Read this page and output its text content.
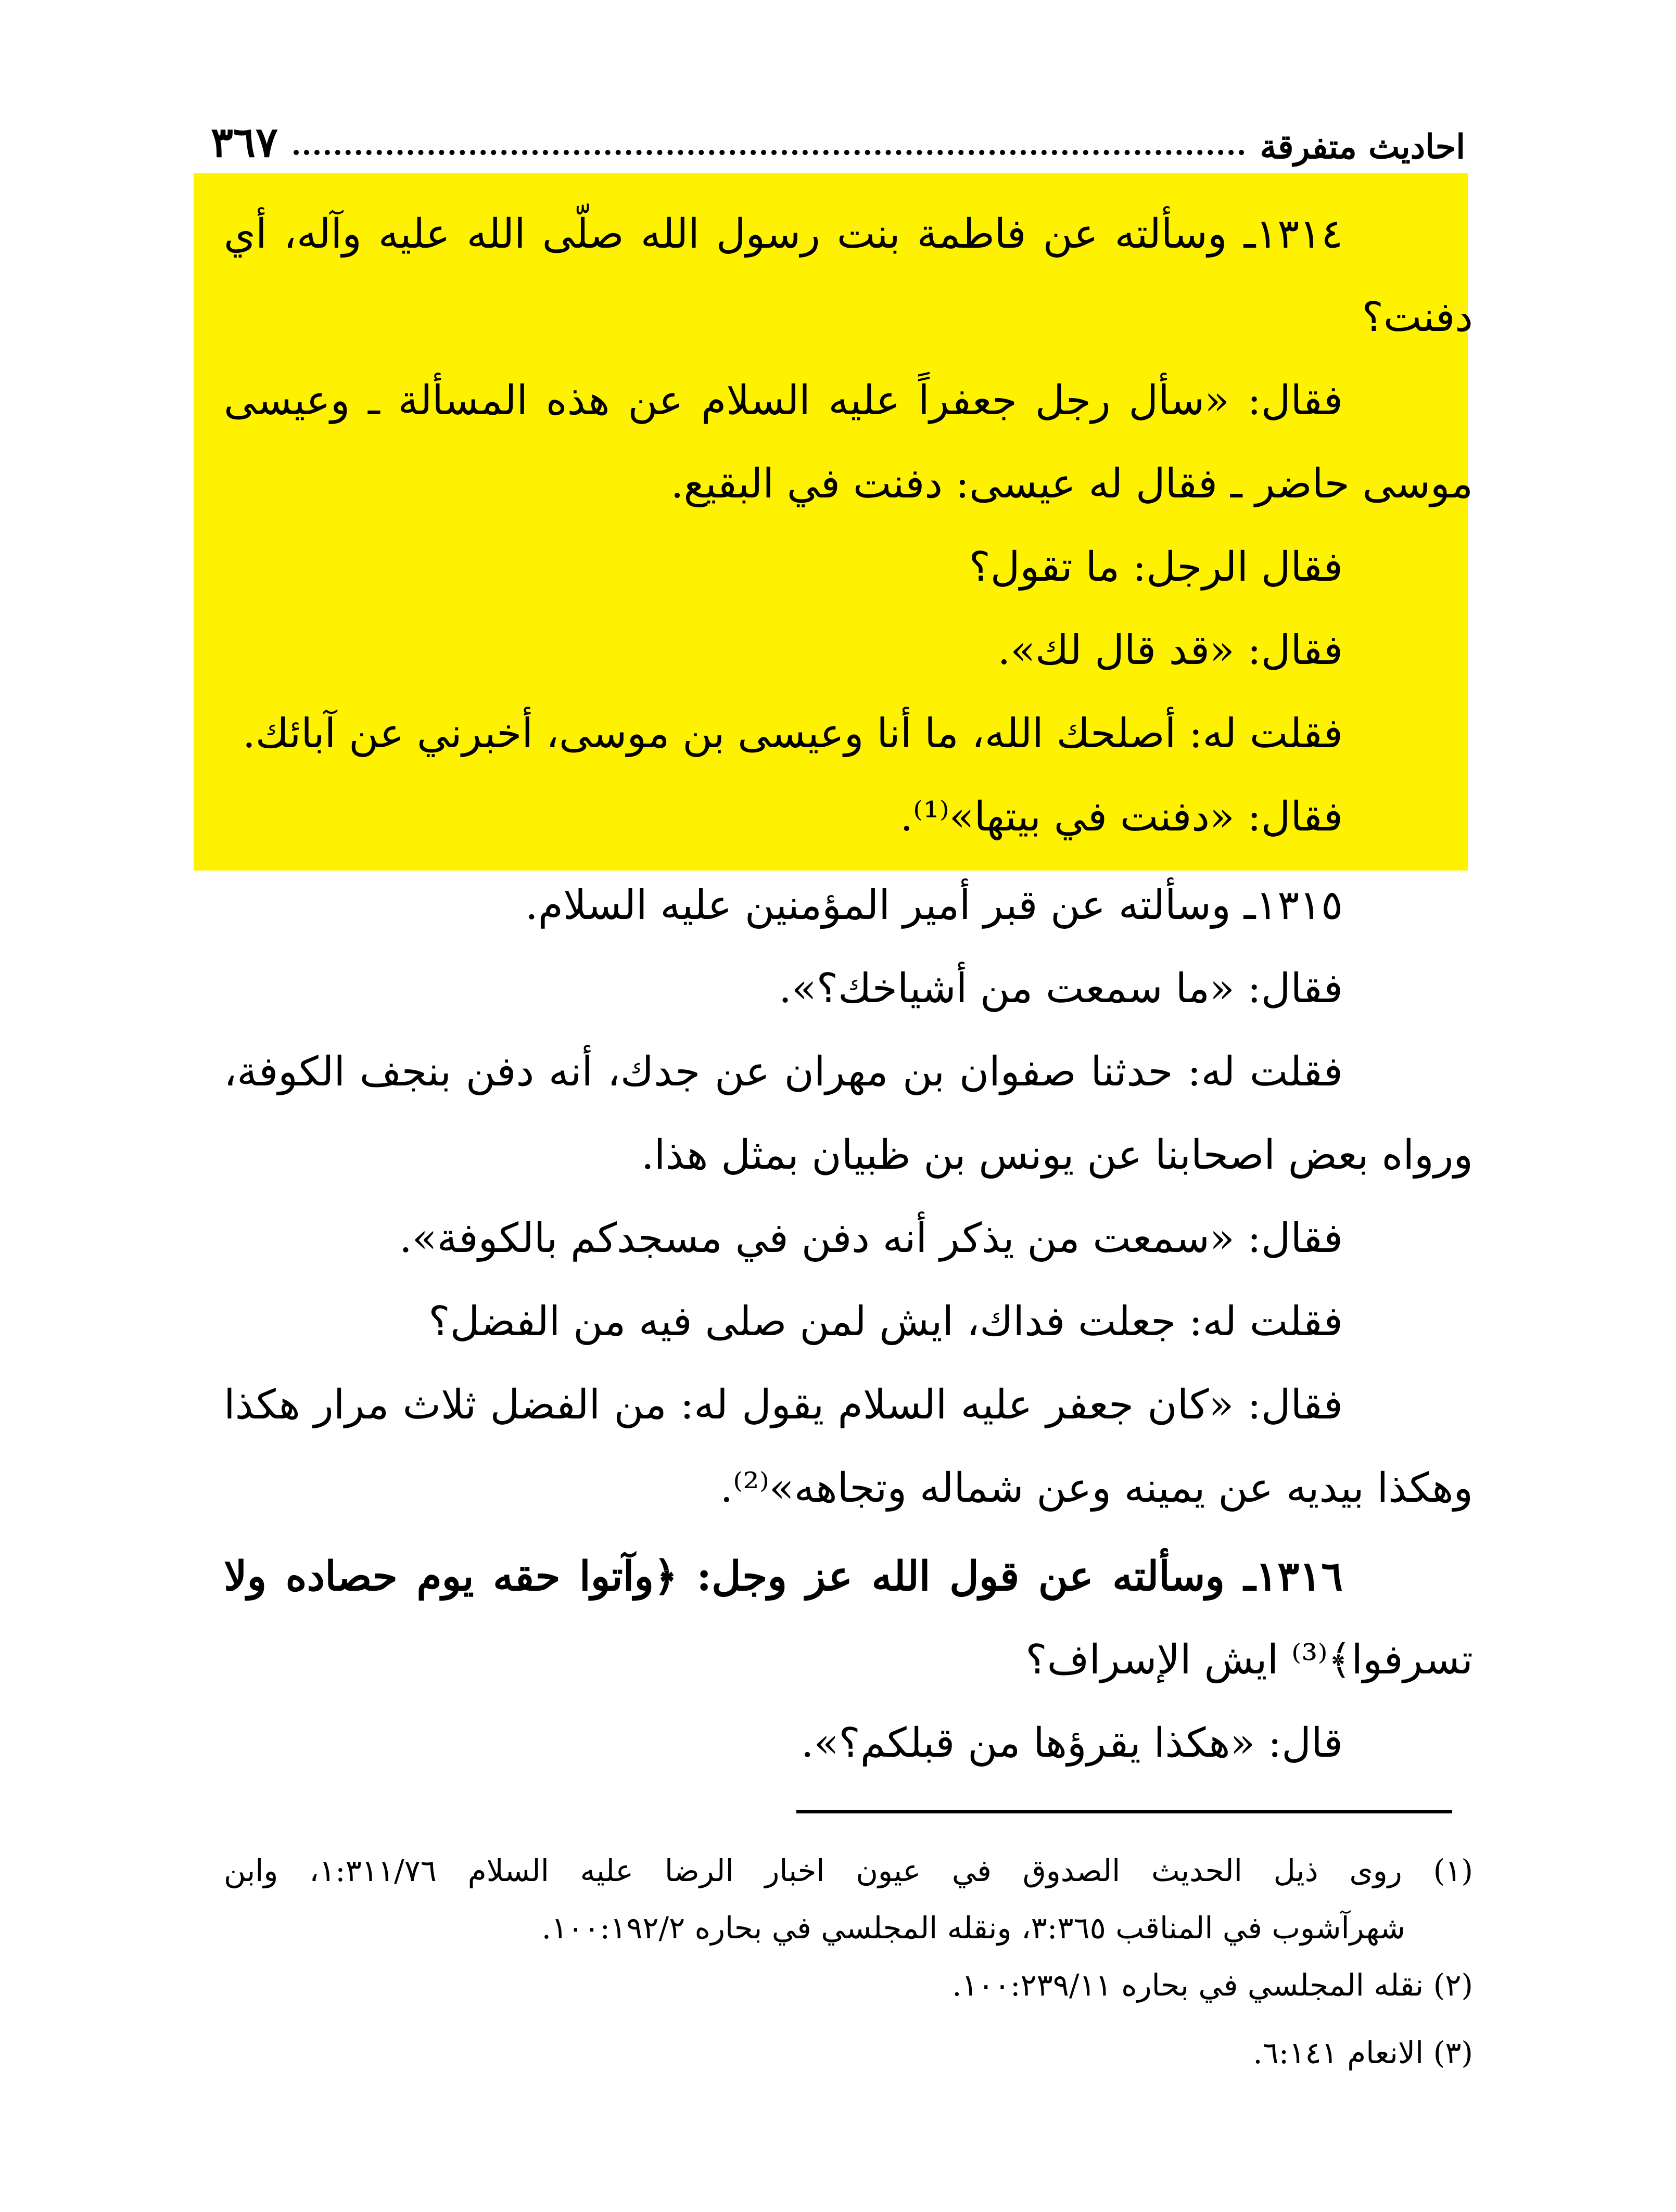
احاديث متفرقة
٣٦٧
١٣١٤ـ وسألته عن فاطمة بنت رسول الله صلّى الله عليه وآله، أي
دفنت؟
فقال: «سأل رجل جعفراً عليه السلام عن هذه المسألة ـ وعيسى
موسى حاضر ـ فقال له عيسى: دفنت في البقيع.
فقال الرجل: ما تقول؟
فقال: «قد قال لك».
فقلت له: أصلحك الله، ما أنا وعيسى بن موسى، أخبرني عن آبائك.
فقال: «دفنت في بيتها»⁽¹⁾.
١٣١٥ـ وسألته عن قبر أمير المؤمنين عليه السلام.
فقال: «ما سمعت من أشياخك؟».
فقلت له: حدثنا صفوان بن مهران عن جدك، أنه دفن بنجف الكوفة،
ورواه بعض اصحابنا عن يونس بن ظبيان بمثل هذا.
فقال: «سمعت من يذكر أنه دفن في مسجدكم بالكوفة».
فقلت له: جعلت فداك، ايش لمن صلى فيه من الفضل؟
فقال: «كان جعفر عليه السلام يقول له: من الفضل ثلاث مرار هكذا
وهكذا بيديه عن يمينه وعن شماله وتجاهه»⁽²⁾.
١٣١٦ـ وسألته عن قول الله عز وجل: ﴿وآتوا حقه يوم حصاده ولا
تسرفوا﴾⁽³⁾ ايش الإسراف؟
قال: «هكذا يقرؤها من قبلكم؟».
(١) روى ذيل الحديث الصدوق في عيون اخبار الرضا عليه السلام ١:٣١١/٧٦، وابن
شهرآشوب في المناقب ٣:٣٦٥، ونقله المجلسي في بحاره ١٠٠:١٩٢/٢.
(٢) نقله المجلسي في بحاره ١٠٠:٢٣٩/١١.
(٣) الانعام ٦:١٤١.
